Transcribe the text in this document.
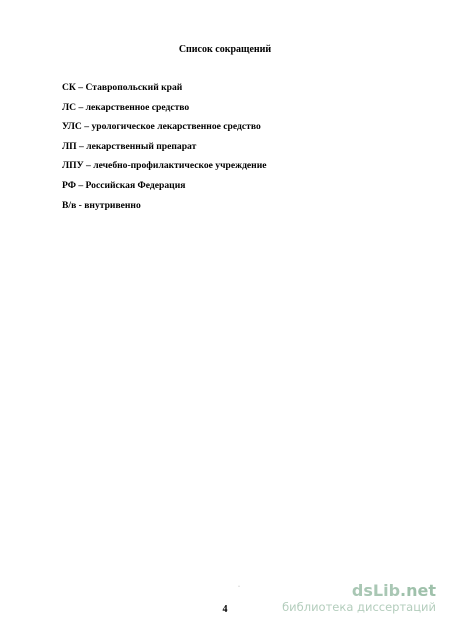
Список сокращений
СК – Ставропольский край
ЛС – лекарственное средство
УЛС – урологическое лекарственное средство
ЛП – лекарственный препарат
ЛПУ – лечебно-профилактическое учреждение
РФ – Российская Федерация
В/в - внутривенно
·
4
dsLib.net
библиотека диссертаций
